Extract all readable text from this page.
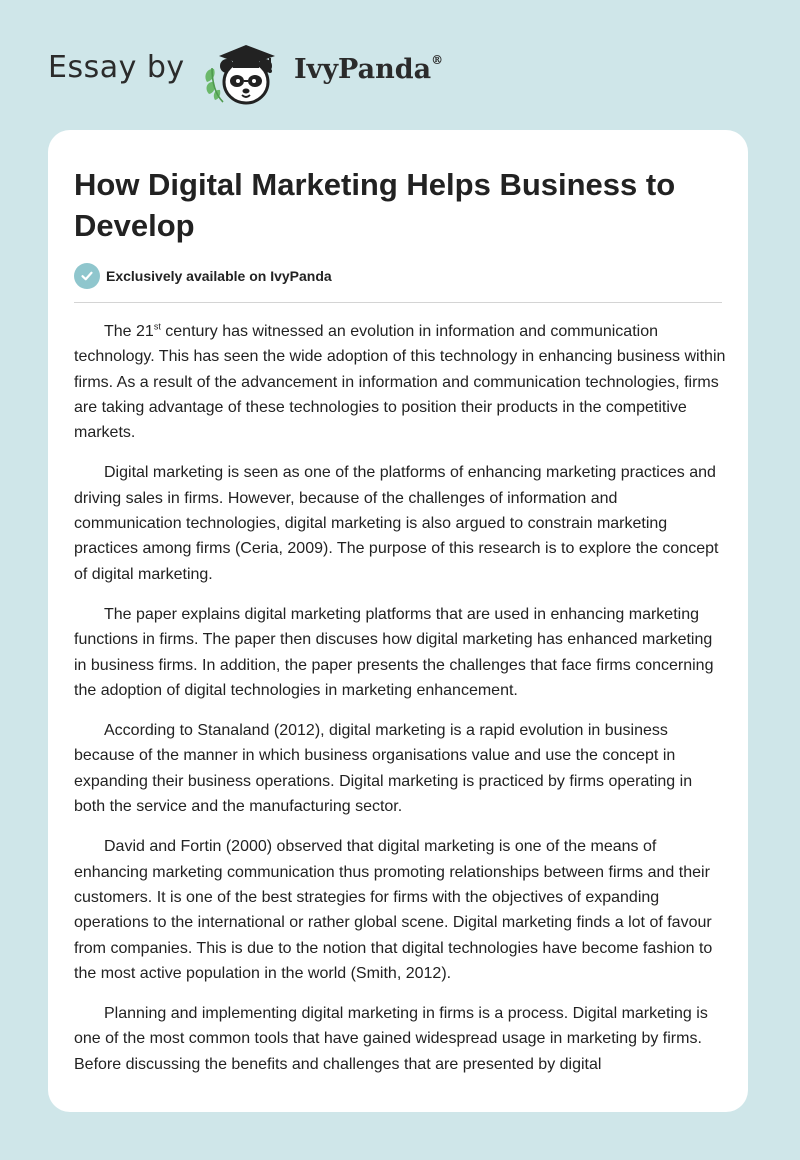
Essay by	IvyPanda®
How Digital Marketing Helps Business to Develop
Exclusively available on IvyPanda

The 21st century has witnessed an evolution in information and communication technology. This has seen the wide adoption of this technology in enhancing business within firms. As a result of the advancement in information and communication technologies, firms are taking advantage of these technologies to position their products in the competitive markets.

Digital marketing is seen as one of the platforms of enhancing marketing practices and driving sales in firms. However, because of the challenges of information and communication technologies, digital marketing is also argued to constrain marketing practices among firms (Ceria, 2009). The purpose of this research is to explore the concept of digital marketing.

The paper explains digital marketing platforms that are used in enhancing marketing functions in firms. The paper then discuses how digital marketing has enhanced marketing in business firms. In addition, the paper presents the challenges that face firms concerning the adoption of digital technologies in marketing enhancement.

According to Stanaland (2012), digital marketing is a rapid evolution in business because of the manner in which business organisations value and use the concept in expanding their business operations. Digital marketing is practiced by firms operating in both the service and the manufacturing sector.

David and Fortin (2000) observed that digital marketing is one of the means of enhancing marketing communication thus promoting relationships between firms and their customers. It is one of the best strategies for firms with the objectives of expanding operations to the international or rather global scene. Digital marketing finds a lot of favour from companies. This is due to the notion that digital technologies have become fashion to the most active population in the world (Smith, 2012).

Planning and implementing digital marketing in firms is a process. Digital marketing is one of the most common tools that have gained widespread usage in marketing by firms. Before discussing the benefits and challenges that are presented by digital
